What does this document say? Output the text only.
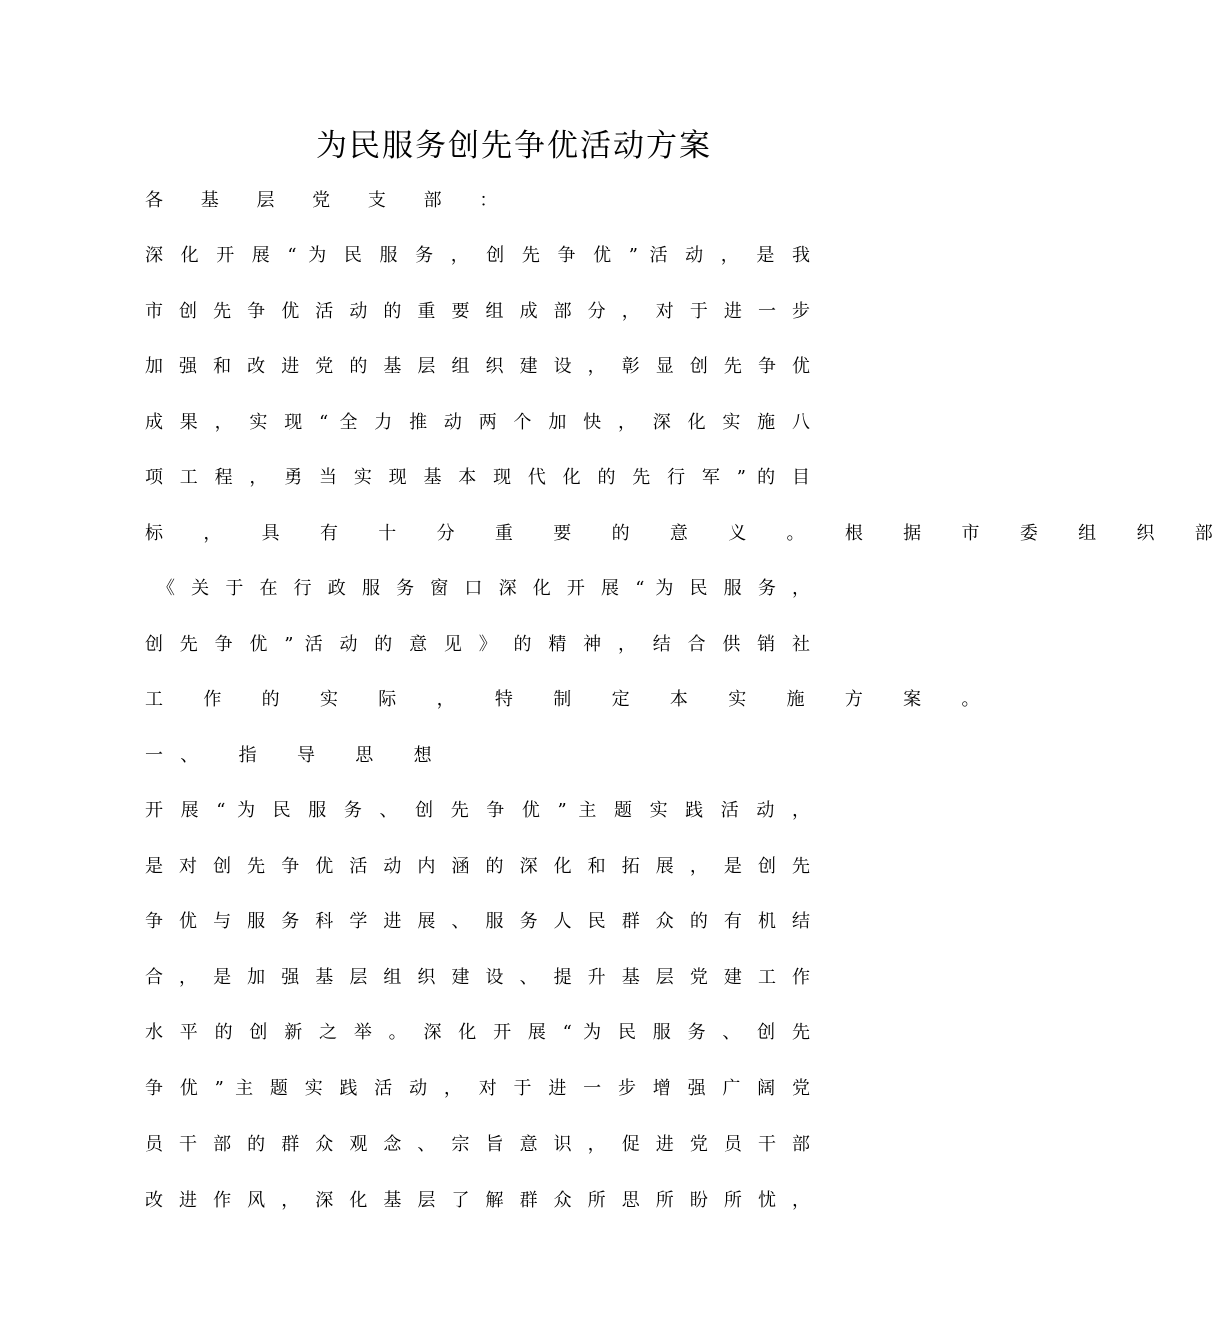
为民服务创先争优活动方案
各 基 层 党 支 部 ：
深 化 开 展 “ 为 民 服 务 ， 创 先 争 优 ” 活 动 ， 是 我
市 创 先 争 优 活 动 的 重 要 组 成 部 分 ， 对 于 进 一 步
加 强 和 改 进 党 的 基 层 组 织 建 设 ， 彰 显 创 先 争 优
成 果 ， 实 现 “ 全 力 推 动 两 个 加 快 ， 深 化 实 施 八
项 工 程 ， 勇 当 实 现 基 本 现 代 化 的 先 行 军 ” 的 目
标 ， 具 有 十 分 重 要 的 意 义 。 根 据 市 委 组 织 部
《 关 于 在 行 政 服 务 窗 口 深 化 开 展 “ 为 民 服 务 ，
创 先 争 优 ” 活 动 的 意 见 》 的 精 神 ， 结 合 供 销 社
工 作 的 实 际 ， 特 制 定 本 实 施 方 案 。
一、 指 导 思 想
开 展 “ 为 民 服 务 、 创 先 争 优 ” 主 题 实 践 活 动 ，
是 对 创 先 争 优 活 动 内 涵 的 深 化 和 拓 展 ， 是 创 先
争 优 与 服 务 科 学 进 展 、 服 务 人 民 群 众 的 有 机 结
合 ， 是 加 强 基 层 组 织 建 设 、 提 升 基 层 党 建 工 作
水 平 的 创 新 之 举 。 深 化 开 展 “ 为 民 服 务 、 创 先
争 优 ” 主 题 实 践 活 动 ， 对 于 进 一 步 增 强 广 阔 党
员 干 部 的 群 众 观 念 、 宗 旨 意 识 ， 促 进 党 员 干 部
改 进 作 风 ， 深 化 基 层 了 解 群 众 所 思 所 盼 所 忧 ，
